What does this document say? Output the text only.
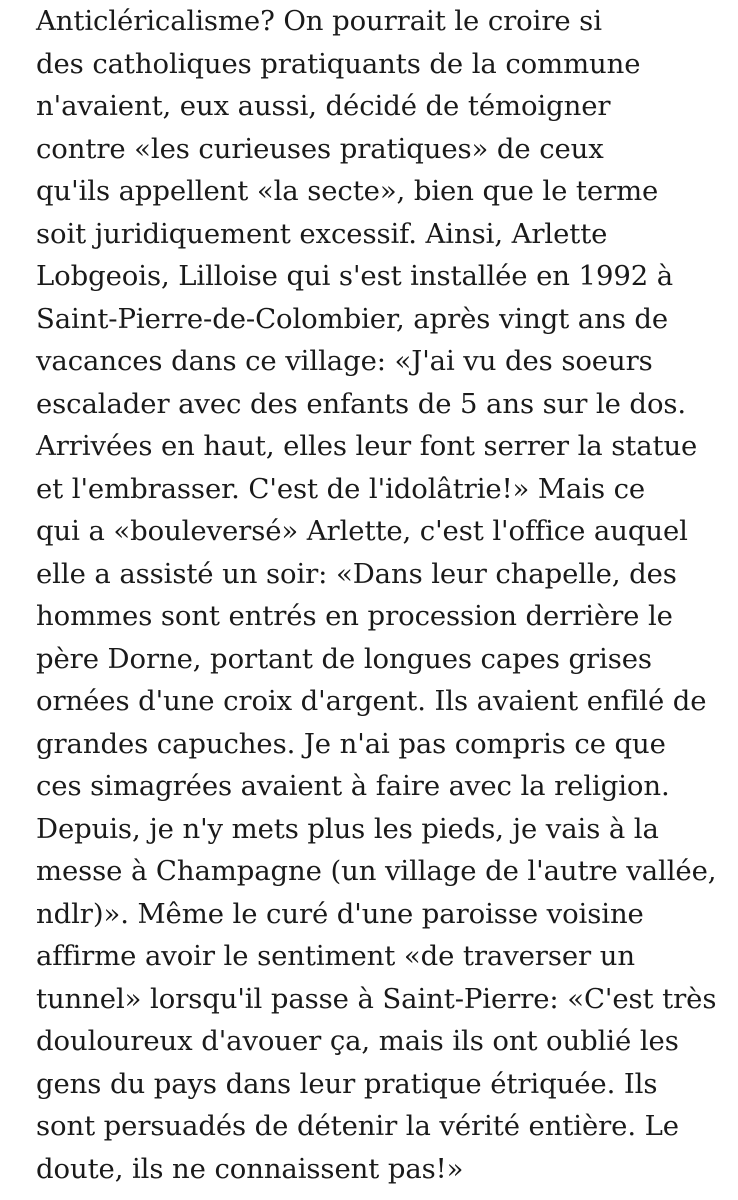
Anticléricalisme? On pourrait le croire si
des catholiques pratiquants de la commune
n'avaient, eux aussi, décidé de témoigner
contre «les curieuses pratiques» de ceux
qu'ils appellent «la secte», bien que le terme
soit juridiquement excessif. Ainsi, Arlette
Lobgeois, Lilloise qui s'est installée en 1992 à
Saint-Pierre-de-Colombier, après vingt ans de
vacances dans ce village: «J'ai vu des soeurs
escalader avec des enfants de 5 ans sur le dos.
Arrivées en haut, elles leur font serrer la statue
et l'embrasser. C'est de l'idolâtrie!» Mais ce
qui a «bouleversé» Arlette, c'est l'office auquel
elle a assisté un soir: «Dans leur chapelle, des
hommes sont entrés en procession derrière le
père Dorne, portant de longues capes grises
ornées d'une croix d'argent. Ils avaient enfilé de
grandes capuches. Je n'ai pas compris ce que
ces simagrées avaient à faire avec la religion.
Depuis, je n'y mets plus les pieds, je vais à la
messe à Champagne (un village de l'autre vallée,
ndlr)». Même le curé d'une paroisse voisine
affirme avoir le sentiment «de traverser un
tunnel» lorsqu'il passe à Saint-Pierre: «C'est très
douloureux d'avouer ça, mais ils ont oublié les
gens du pays dans leur pratique étriquée. Ils
sont persuadés de détenir la vérité entière. Le
doute, ils ne connaissent pas!»
